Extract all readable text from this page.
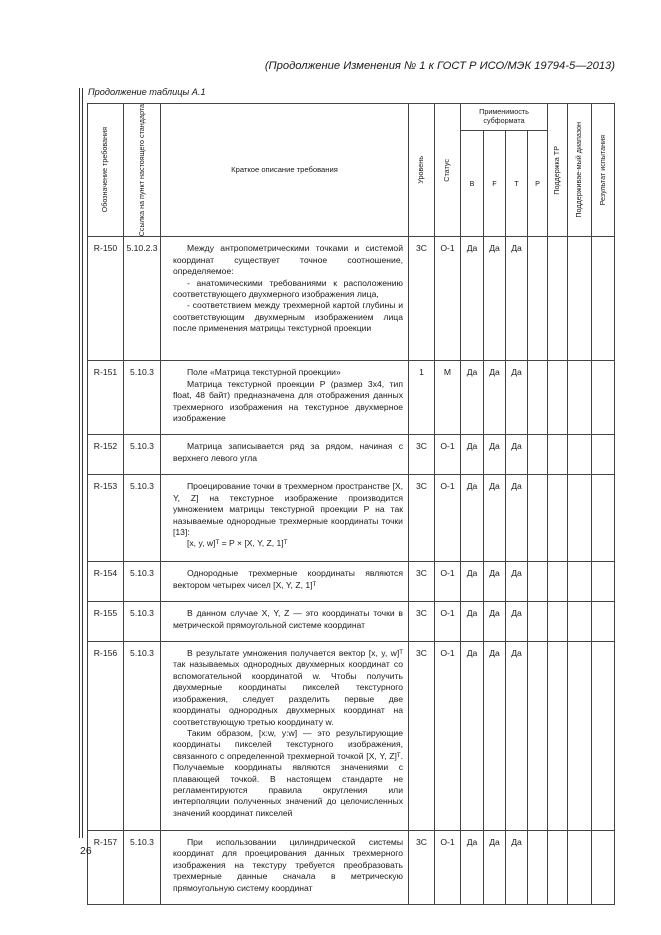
(Продолжение Изменения № 1 к ГОСТ Р ИСО/МЭК 19794-5—2013)
Продолжение таблицы А.1
Обозначение требования	Ссылка на пункт настоящего стандарта	Краткое описание требования	Уровень	Статус	Применимость субформата				Поддержка ТР	Поддерживае-мый диапазон	Результат испытания

					В	F	Т	Р			
R-150	5.10.2.3	Между антропометрическими точками и системой координат существует точное соотношение, определяемое:

- анатомическими требованиями к расположению соответствующего двухмерного изображения лица,

- соответствием между трехмерной картой глубины и соответствующим двухмерным изображением лица после применения матрицы текстурной проекции	3С	О-1	Да	Да	Да				
R-151	5.10.3	Поле «Матрица текстурной проекции»

Матрица текстурной проекции P (размер 3x4, тип float, 48 байт) предназначена для отображения данных трехмерного изображения на текстурное двухмерное изображение	1	М	Да	Да	Да				
R-152	5.10.3	Матрица записывается ряд за рядом, начиная с верхнего левого угла	3С	О-1	Да	Да	Да				
R-153	5.10.3	Проецирование точки в трехмерном пространстве [X, Y, Z] на текстурное изображение производится умножением матрицы текстурной проекции P на так называемые однородные трехмерные координаты точки [13]:

[x, y, w]ᵀ = P × [X, Y, Z, 1]ᵀ	3С	О-1	Да	Да	Да				
R-154	5.10.3	Однородные трехмерные координаты являются вектором четырех чисел [X, Y, Z, 1]ᵀ	3С	О-1	Да	Да	Да				
R-155	5.10.3	В данном случае X, Y, Z — это координаты точки в метрической прямоугольной системе координат	3С	О-1	Да	Да	Да				
R-156	5.10.3	В результате умножения получается вектор [x, y, w]ᵀ так называемых однородных двухмерных координат со вспомогательной координатой w. Чтобы получить двухмерные координаты пикселей текстурного изображения, следует разделить первые две координаты однородных двухмерных координат на соответствующую третью координату w.

Таким образом, [x:w, y:w] — это результирующие координаты пикселей текстурного изображения, связанного с определенной трехмерной точкой [X, Y, Z]ᵀ. Получаемые координаты являются значениями с плавающей точкой. В настоящем стандарте не регламентируются правила округления или интерполяции полученных значений до целочисленных значений координат пикселей	3С	О-1	Да	Да	Да				
R-157	5.10.3	При использовании цилиндрической системы координат для проецирования данных трехмерного изображения на текстуру требуется преобразовать трехмерные данные сначала в метрическую прямоугольную систему координат	3С	О-1	Да	Да	Да				
26
